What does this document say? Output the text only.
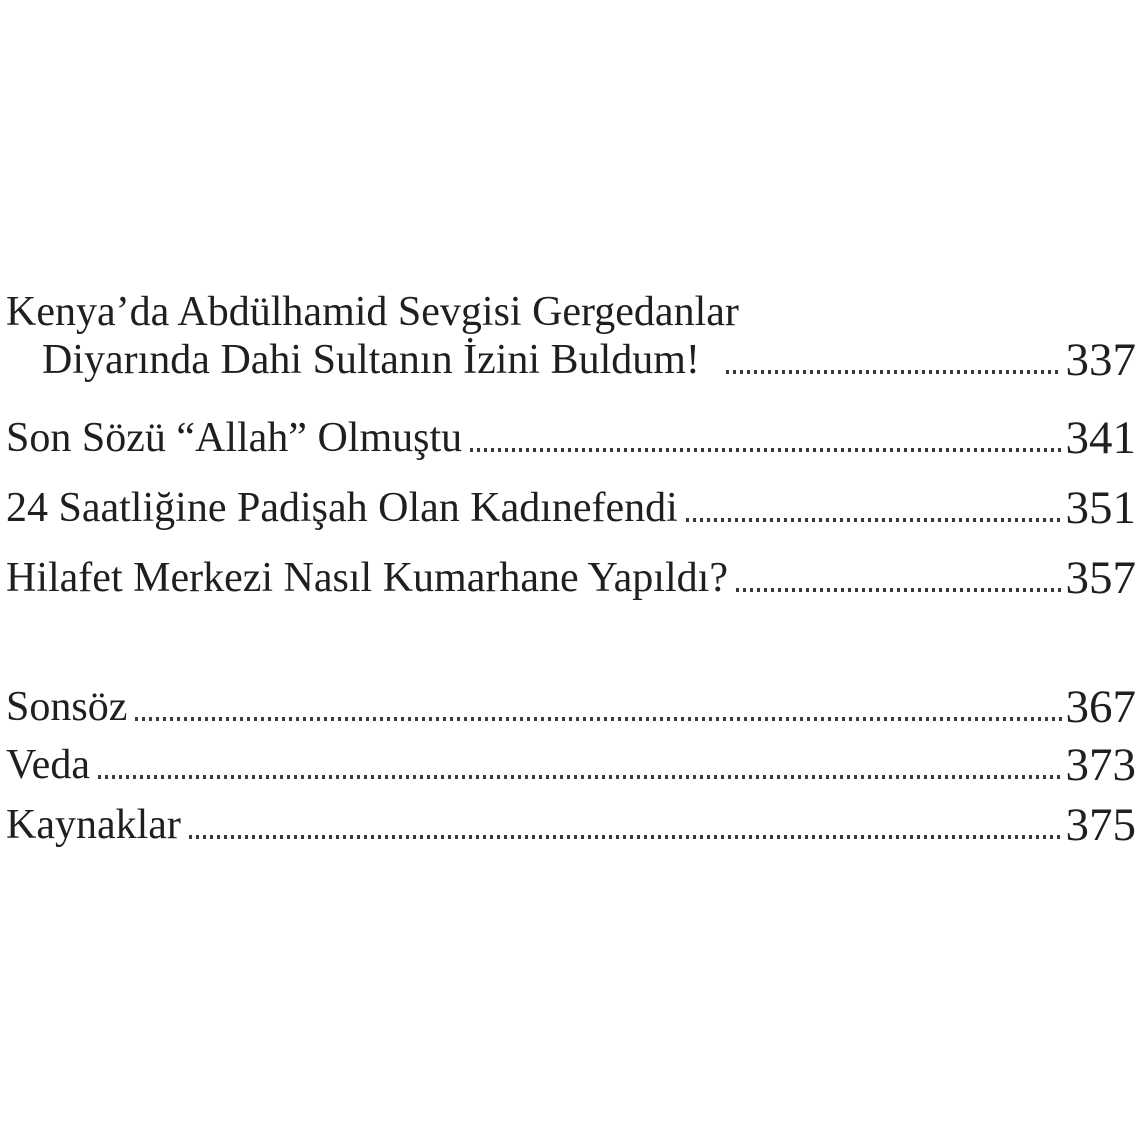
Kenya’da Abdülhamid Sevgisi Gergedanlar
Diyarında Dahi Sultanın İzini Buldum!	337
Son Sözü “Allah” Olmuştu	341
24 Saatliğine Padişah Olan Kadınefendi	351
Hilafet Merkezi Nasıl Kumarhane Yapıldı?	357
Sonsöz	367
Veda	373
Kaynaklar	375
